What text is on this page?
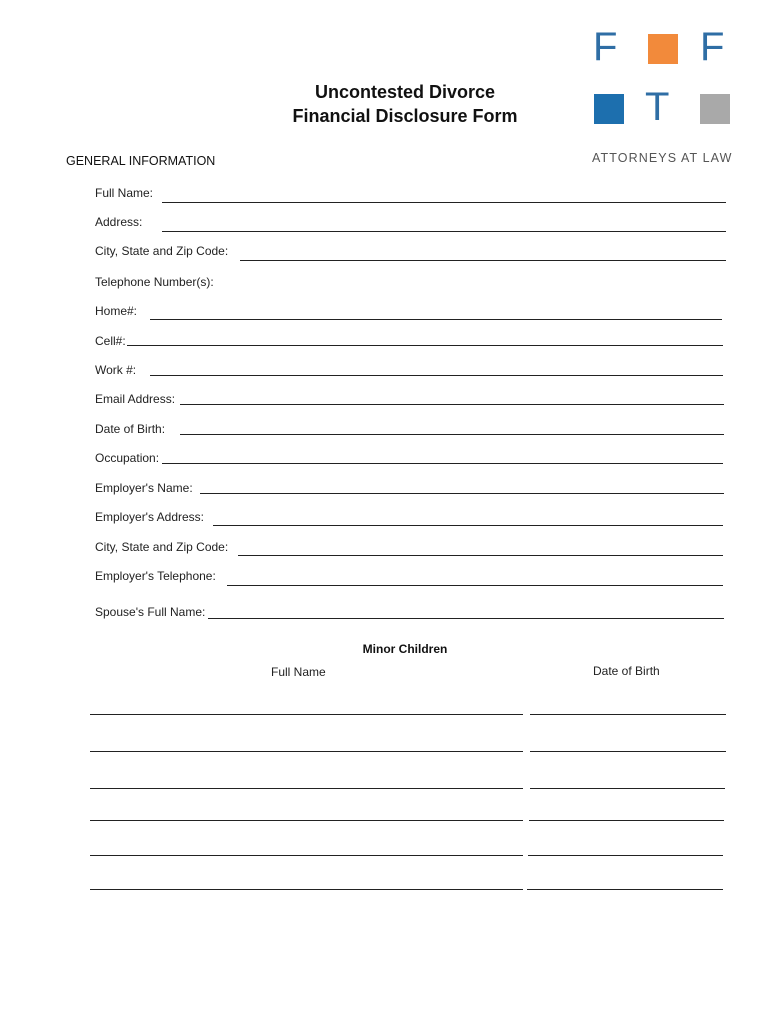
Uncontested Divorce
Financial Disclosure Form
F F
T
ATTORNEYS AT LAW
GENERAL INFORMATION
Full Name:
Address:
City, State and Zip Code:
Telephone Number(s):
Home#:
Cell#:
Work #:
Email Address:
Date of Birth:
Occupation:
Employer's Name:
Employer's Address:
City, State and Zip Code:
Employer's Telephone:
Spouse's Full Name:
Minor Children
Full Name	Date of Birth
